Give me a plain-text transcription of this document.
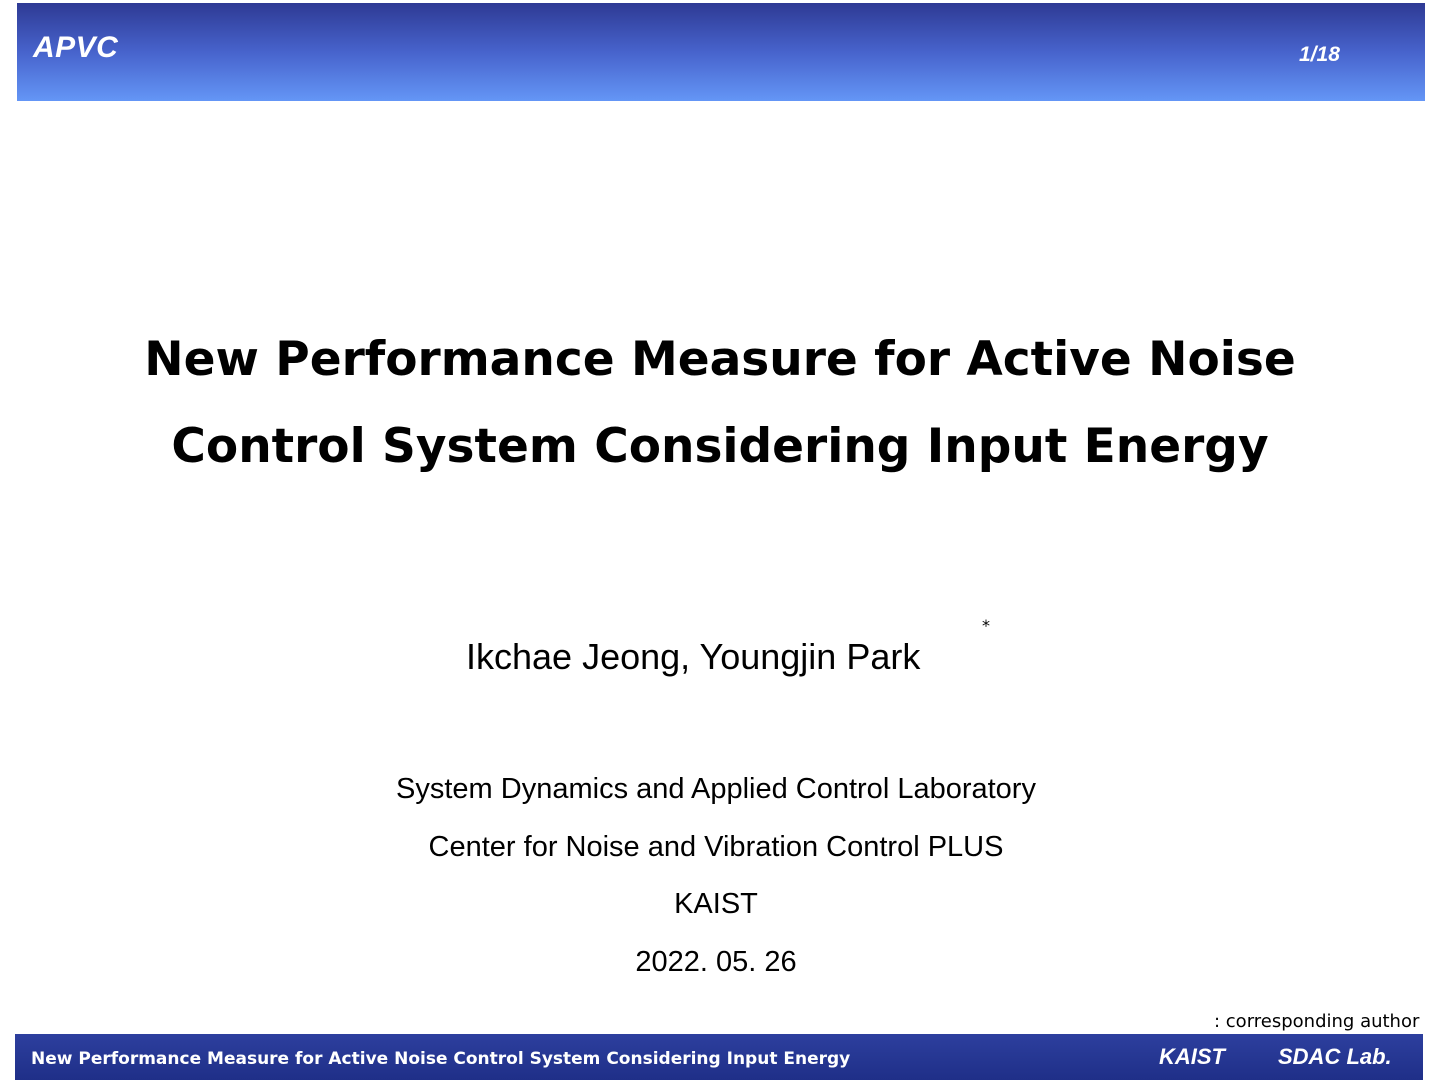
APVC	1/18
New Performance Measure for Active Noise
Control System Considering Input Energy
Ikchae Jeong, Youngjin Park
*
System Dynamics and Applied Control Laboratory
Center for Noise and Vibration Control PLUS
KAIST
2022. 05. 26
: corresponding author
New Performance Measure for Active Noise Control System Considering Input Energy	KAIST SDAC Lab.
